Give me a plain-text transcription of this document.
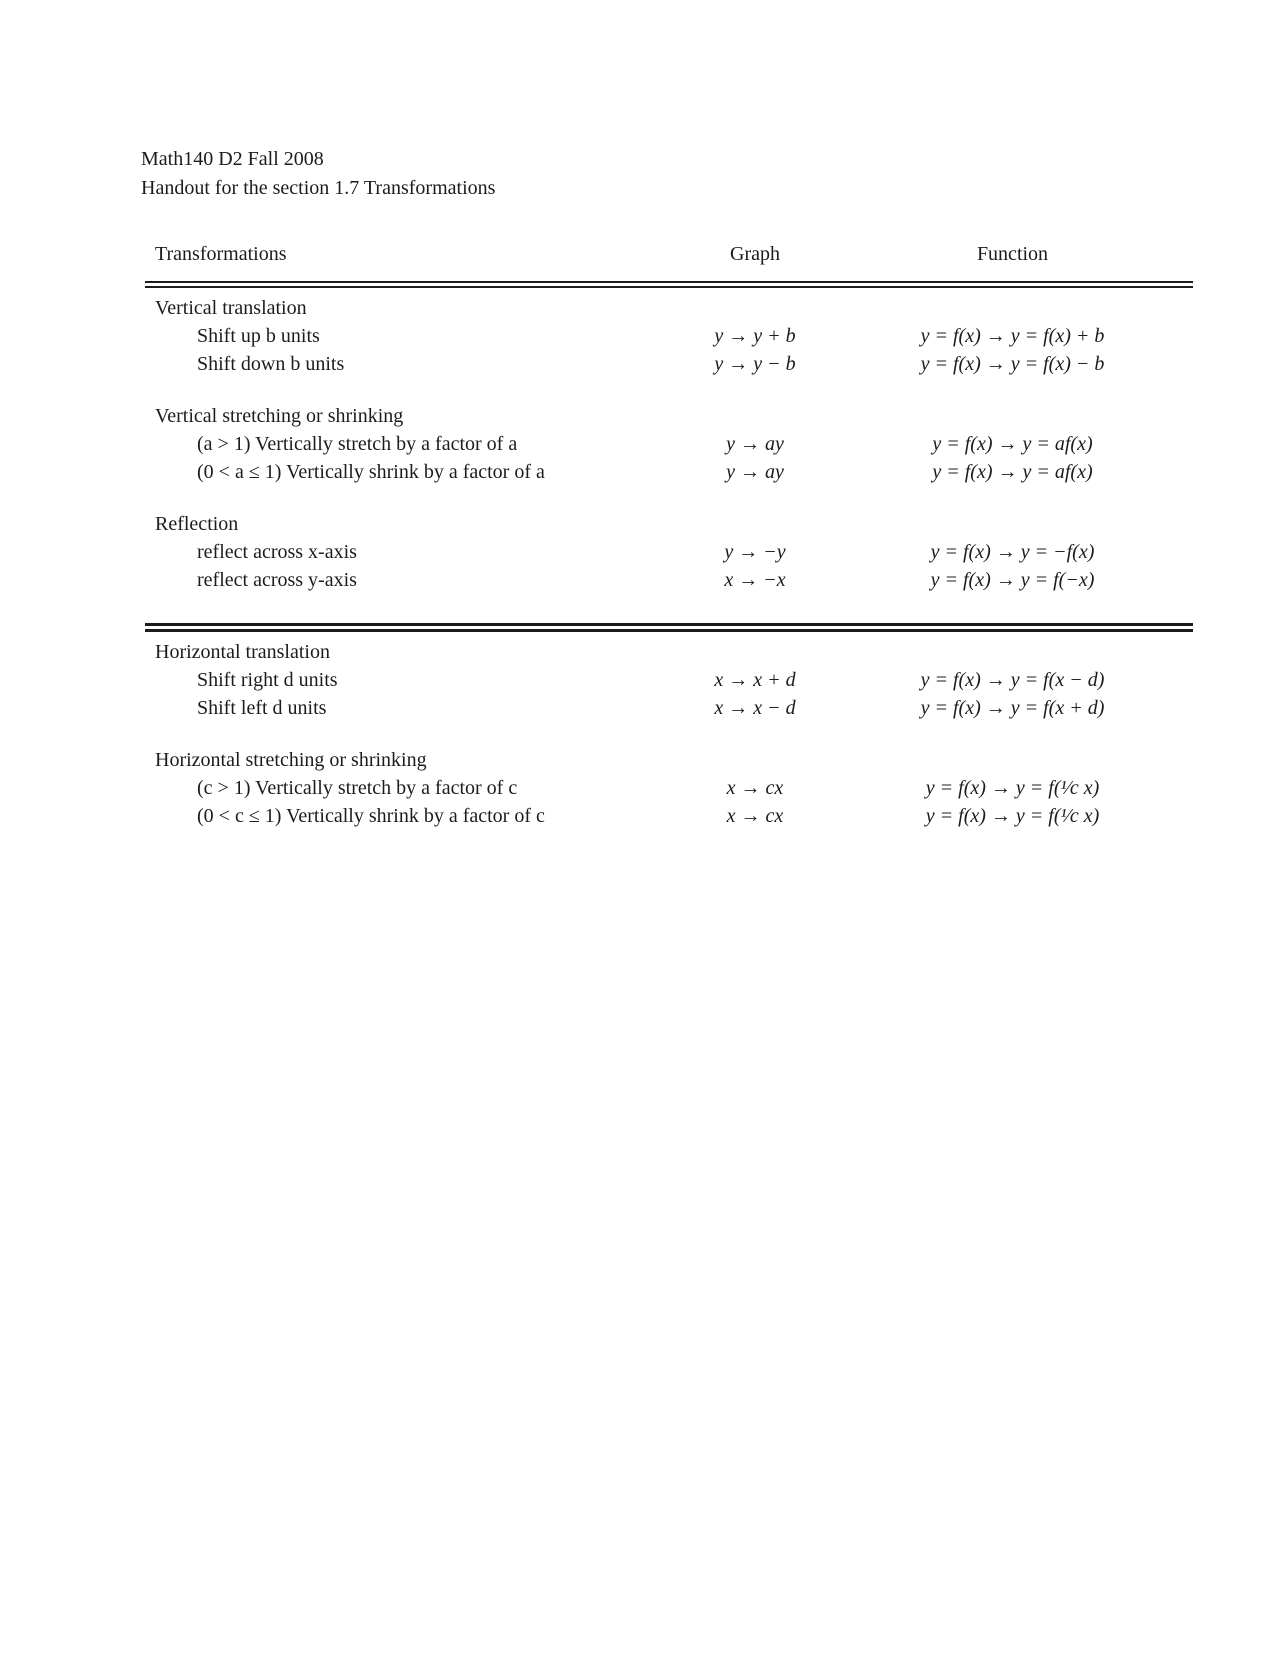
Math140 D2 Fall 2008
Handout for the section 1.7 Transformations
Transformations	Graph	Function
Vertical translation
Shift up b units	y → y + b	y = f(x) → y = f(x) + b
Shift down b units	y → y − b	y = f(x) → y = f(x) − b
Vertical stretching or shrinking
(a > 1) Vertically stretch by a factor of a	y → ay	y = f(x) → y = af(x)
(0 < a ≤ 1) Vertically shrink by a factor of a	y → ay	y = f(x) → y = af(x)
Reflection
reflect across x-axis	y → −y	y = f(x) → y = −f(x)
reflect across y-axis	x → −x	y = f(x) → y = f(−x)
Horizontal translation
Shift right d units	x → x + d	y = f(x) → y = f(x − d)
Shift left d units	x → x − d	y = f(x) → y = f(x + d)
Horizontal stretching or shrinking
(c > 1) Vertically stretch by a factor of c	x → cx	y = f(x) → y = f(¹⁄c x)
(0 < c ≤ 1) Vertically shrink by a factor of c	x → cx	y = f(x) → y = f(¹⁄c x)
